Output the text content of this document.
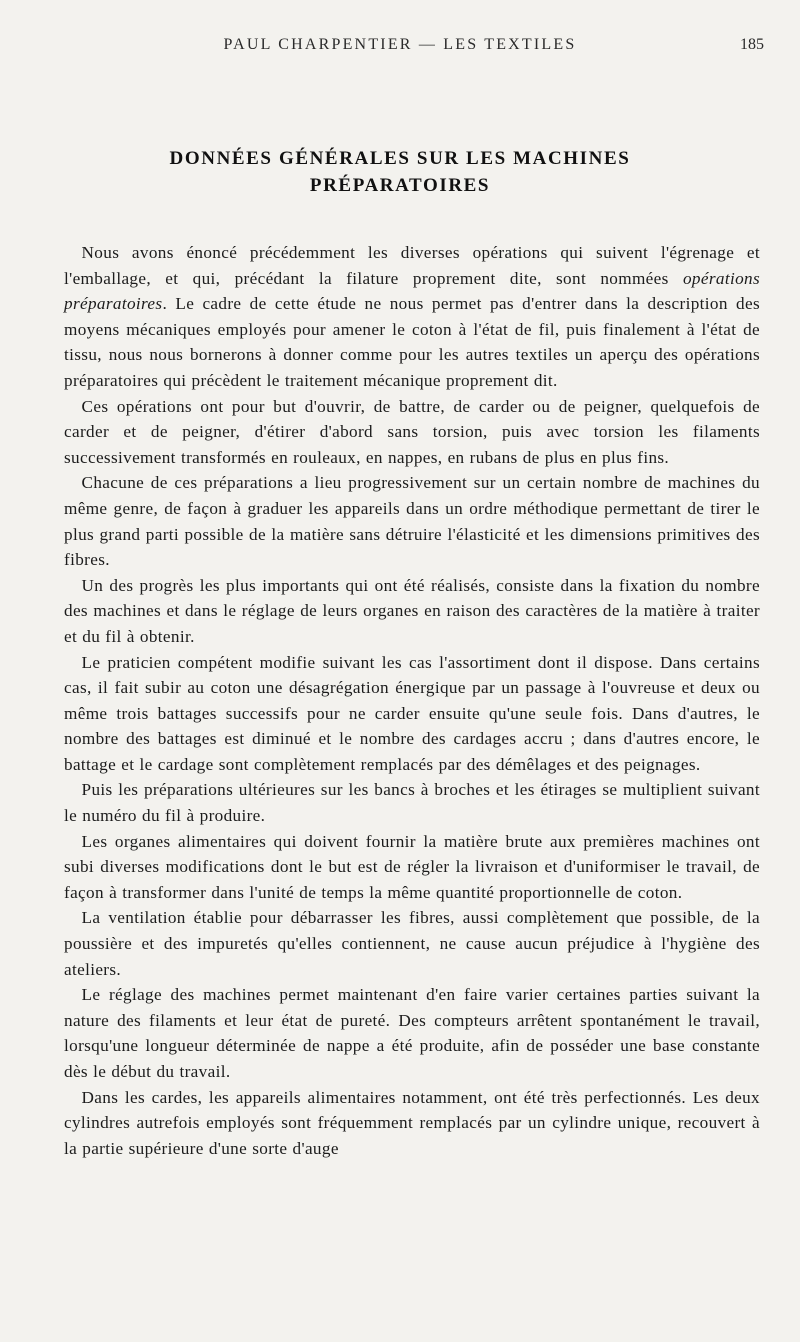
PAUL CHARPENTIER — LES TEXTILES	185
DONNÉES GÉNÉRALES SUR LES MACHINES
PRÉPARATOIRES

 Nous avons énoncé précédemment les diverses opérations qui suivent l'égrenage et l'emballage, et qui, précédant la filature proprement dite, sont nommées opérations préparatoires. Le cadre de cette étude ne nous permet pas d'entrer dans la description des moyens mécaniques employés pour amener le coton à l'état de fil, puis finalement à l'état de tissu, nous nous bornerons à donner comme pour les autres textiles un aperçu des opérations préparatoires qui précèdent le traitement mécanique proprement dit.

 Ces opérations ont pour but d'ouvrir, de battre, de carder ou de peigner, quelquefois de carder et de peigner, d'étirer d'abord sans torsion, puis avec torsion les filaments successivement transformés en rouleaux, en nappes, en rubans de plus en plus fins.

 Chacune de ces préparations a lieu progressivement sur un certain nombre de machines du même genre, de façon à graduer les appareils dans un ordre méthodique permettant de tirer le plus grand parti possible de la matière sans détruire l'élasticité et les dimensions primitives des fibres.

 Un des progrès les plus importants qui ont été réalisés, consiste dans la fixation du nombre des machines et dans le réglage de leurs organes en raison des caractères de la matière à traiter et du fil à obtenir.

 Le praticien compétent modifie suivant les cas l'assortiment dont il dispose. Dans certains cas, il fait subir au coton une désagrégation énergique par un passage à l'ouvreuse et deux ou même trois battages successifs pour ne carder ensuite qu'une seule fois. Dans d'autres, le nombre des battages est diminué et le nombre des cardages accru ; dans d'autres encore, le battage et le cardage sont complètement remplacés par des démêlages et des peignages.

 Puis les préparations ultérieures sur les bancs à broches et les étirages se multiplient suivant le numéro du fil à produire.

 Les organes alimentaires qui doivent fournir la matière brute aux premières machines ont subi diverses modifications dont le but est de régler la livraison et d'uniformiser le travail, de façon à transformer dans l'unité de temps la même quantité proportionnelle de coton.

 La ventilation établie pour débarrasser les fibres, aussi complètement que possible, de la poussière et des impuretés qu'elles contiennent, ne cause aucun préjudice à l'hygiène des ateliers.

 Le réglage des machines permet maintenant d'en faire varier certaines parties suivant la nature des filaments et leur état de pureté. Des compteurs arrêtent spontanément le travail, lorsqu'une longueur déterminée de nappe a été produite, afin de posséder une base constante dès le début du travail.

 Dans les cardes, les appareils alimentaires notamment, ont été très perfectionnés. Les deux cylindres autrefois employés sont fréquemment remplacés par un cylindre unique, recouvert à la partie supérieure d'une sorte d'auge
